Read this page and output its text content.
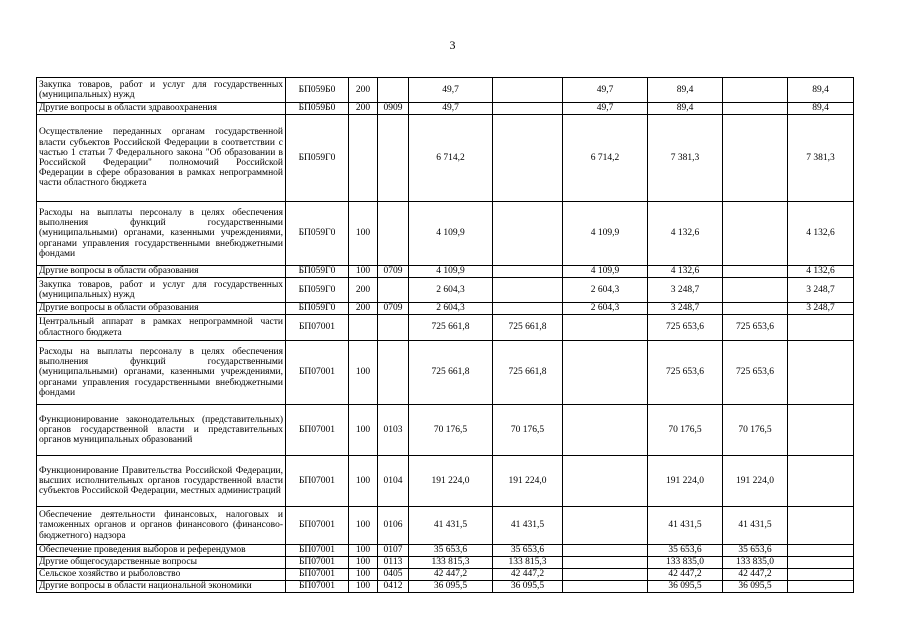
3
Закупка товаров, работ и услуг для государственных (муниципальных) нужд	БП059Б0	200		49,7		49,7	89,4		89,4
Другие вопросы в области здравоохранения	БП059Б0	200	0909	49,7		49,7	89,4		89,4
Осуществление переданных органам государственной власти субъектов Российской Федерации в соответствии с частью 1 статьи 7 Федерального закона "Об образовании в Российской Федерации" полномочий Российской Федерации в сфере образования в рамках непрограммной части областного бюджета	БП059Г0			6 714,2		6 714,2	7 381,3		7 381,3
Расходы на выплаты персоналу в целях обеспечения выполнения функций государственными (муниципальными) органами, казенными учреждениями, органами управления государственными внебюджетными фондами	БП059Г0	100		4 109,9		4 109,9	4 132,6		4 132,6
Другие вопросы в области образования	БП059Г0	100	0709	4 109,9		4 109,9	4 132,6		4 132,6
Закупка товаров, работ и услуг для государственных (муниципальных) нужд	БП059Г0	200		2 604,3		2 604,3	3 248,7		3 248,7
Другие вопросы в области образования	БП059Г0	200	0709	2 604,3		2 604,3	3 248,7		3 248,7
Центральный аппарат в рамках непрограммной части областного бюджета	БП07001			725 661,8	725 661,8		725 653,6	725 653,6	
Расходы на выплаты персоналу в целях обеспечения выполнения функций государственными (муниципальными) органами, казенными учреждениями, органами управления государственными внебюджетными фондами	БП07001	100		725 661,8	725 661,8		725 653,6	725 653,6	
Функционирование законодательных (представительных) органов государственной власти и представительных органов муниципальных образований	БП07001	100	0103	70 176,5	70 176,5		70 176,5	70 176,5	
Функционирование Правительства Российской Федерации, высших исполнительных органов государственной власти субъектов Российской Федерации, местных администраций	БП07001	100	0104	191 224,0	191 224,0		191 224,0	191 224,0	
Обеспечение деятельности финансовых, налоговых и таможенных органов и органов финансового (финансово-бюджетного) надзора	БП07001	100	0106	41 431,5	41 431,5		41 431,5	41 431,5	
Обеспечение проведения выборов и референдумов	БП07001	100	0107	35 653,6	35 653,6		35 653,6	35 653,6	
Другие общегосударственные вопросы	БП07001	100	0113	133 815,3	133 815,3		133 835,0	133 835,0	
Сельское хозяйство и рыболовство	БП07001	100	0405	42 447,2	42 447,2		42 447,2	42 447,2	
Другие вопросы в области национальной экономики	БП07001	100	0412	36 095,5	36 095,5		36 095,5	36 095,5	
